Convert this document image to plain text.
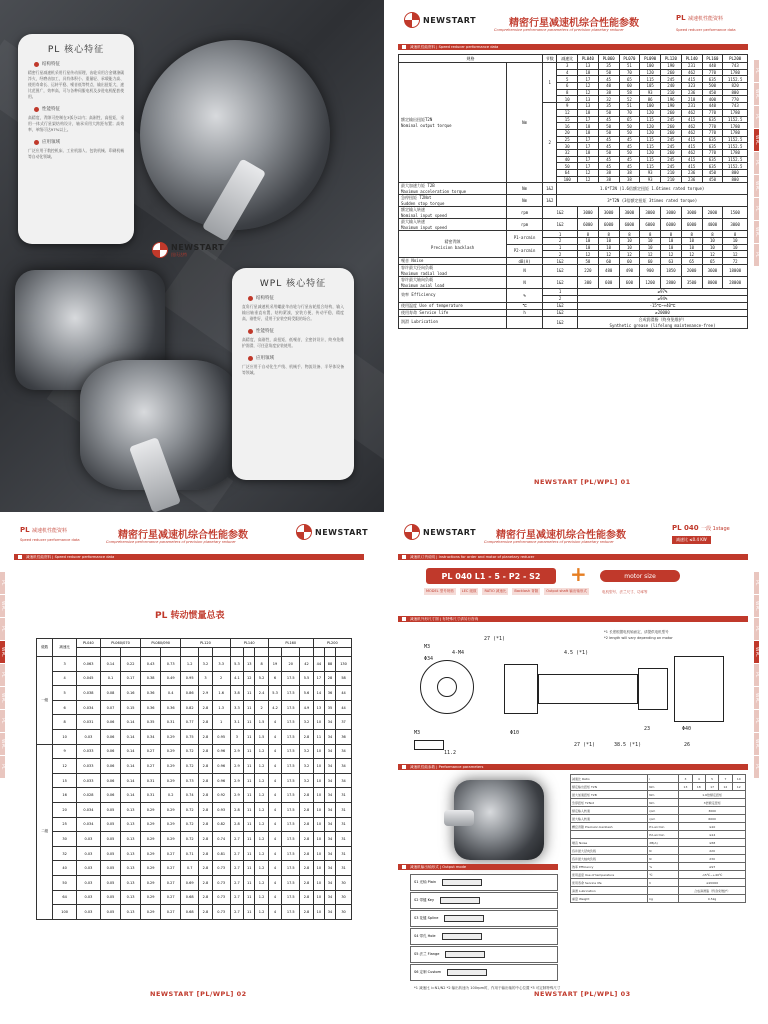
PL 核心特征
结构特征
精密行星减速机采用行星传动原理，齿轮采用合金钢渗碳淬火，经磨齿加工，具有体积小、重量轻、承载能力高、使用寿命长、运转平稳、噪音低等特点，输出扭矩大，速比范围广，效率高，可与各种伺服电机及步进电机配套使用。
性能特征
高精度，背隙可控制在3弧分以内；高刚性，高扭矩，采用一体式行星架结构设计，轴承采用大跨距布置；高效率，单级可达97%以上。
应用领域
广泛应用于数控机床、工业机器人、包装机械、印刷机械等自动化领域。
NEWSTART
纽氏达特
WPL 核心特征
结构特征
直角行星减速机采用螺旋伞齿轮与行星齿轮组合结构，输入输出轴垂直布置，结构紧凑，安装方便，传动平稳，精度高，刚性好，适用于安装空间受限的场合。
性能特征
高精度，高刚性，高扭矩，低噪音，全密封设计，终身免维护润滑，可任意角度安装使用。
应用领域
广泛应用于自动化生产线、机械手、物流设备、半导体设备等领域。
NEWSTART	精密行星减速机综合性能参数
Comprehensive performance parameters of precision planetary reducer
PL 减速机性能资料
Speed reducer performance data
减速机性能资料 | Speed reducer performance data
规格		节数	减速比	PL040	PL060	PL070	PL090	PL120	PL140	PL160	PL200

额定输出扭矩T2N
Nominal output torque	Nm	1	3	13	35	51	100	190	231	440	743
			4	18	50	70	120	260	462	770	1780
			5	17	45	65	115	245	415	635	1152.5
			6	12	40	60	105	240	323	500	820
			8	12	38	58	93	210	236	450	800
			10	13	32	52	86	196	210	400	770
		2	9	13	35	51	100	190	231	440	743
			12	18	50	70	120	260	462	770	1780
			15	17	45	65	115	245	415	635	1152.5
			16	18	50	50	120	260	462	770	1780
			20	18	50	50	120	260	462	770	1780
			25	17	45	45	115	245	415	635	1152.5
			30	17	45	45	115	245	415	635	1152.5
			32	18	50	50	120	260	462	770	1780
			40	17	45	45	115	245	415	635	1152.5
			50	17	45	45	115	245	415	635	1152.5
			64	12	38	38	93	210	236	450	800
			100	12	38	38	93	210	236	450	800

最大加速力矩 T2B
Maximum acceleration torque	Nm	1&2	1.6*T2N (1.6倍额定扭矩 1.6times rated torque)								

急停扭矩 T2Not
Sudden stop torque	Nm	1&2	3*T2N (3倍额定扭矩 3times rated torque)								

额定输入转速
Nominal input speed	rpm	1&2		3000	3000	3000	3000	3000	3000	2000	1500

最大输入转速
Maximum input speed	rpm	1&2		6000	6000	6000	6000	6000	6000	4000	3000

精密背隙
Precision backlash	P1-arcmin	1		8	8	8	8	8	8	8	8
		2		10	10	10	10	10	10	10	10
	P2-arcmin	1		10	10	10	10	10	10	10	10
		2		12	12	12	12	12	12	12	12

噪音 Noise	dB(A)	1&2		58	60	60	60	63	65	65	72

容许最大径向负载
Maximum radial load	N	1&2		220	480	490	900	1850	2000	3600	18000

容许最大轴向负载
Maximum axial load	N	1&2		300	600	600	1200	2800	3500	8000	28000
效率 Efficiency	%	1		≥97%							
		2		≥94%							
使用温度 Use of temperature	℃	1&2		-15℃~+40℃							
使用寿命 Service life	h	1&2		≥20000							
润滑 Lubrication		1&2		合成润滑脂（终身免维护）
Synthetic grease (lifelong maintenance-free)							
PL
WPL
PL
WPL
PL
WPL
PL
WPL
PL
NEWSTART [PL/WPL] 01
PL 减速机性能资料
Speed reducer performance data	精密行星减速机综合性能参数
Comprehensive performance parameters of precision planetary reducer
NEWSTART
减速机性能资料 | Speed reducer performance data
PL 转动惯量总表
级数	减速比	PL040	PL060/070		PL080/090		PL120			PL140			PL160			PL200		

一级	3	0.063	0.14	0.22	0.43	0.73	1.2	3.2	3.3	5.3	13	8	19	20	42	44	88	130
	4	0.045	0.1	0.17	0.38	0.49	0.95	3	2	4.1	12	5.2	6	17.5	5.5	17	28	58
	5	0.038	0.08	0.16	0.36	0.4	0.86	2.9	1.6	3.8	11	2.4	5.3	17.5	5.6	14	36	44
	6	0.034	0.07	0.15	0.36	0.36	0.82	2.8	1.3	3.3	11	2	4.2	17.5	4.9	13	35	44
	8	0.031	0.06	0.14	0.35	0.31	0.77	2.8	1	3.1	11	1.5	4	17.5	3.2	10	34	37
	10	0.03	0.06	0.14	0.34	0.29	0.75	2.8	0.95	3	11	1.5	4	17.5	2.8	11	34	36
二级	9	0.033	0.06	0.14	0.27	0.29	0.72	2.8	0.96	2.9	11	1.2	4	17.5	3.2	10	34	34
	12	0.033	0.06	0.14	0.27	0.29	0.72	2.8	0.96	2.9	11	1.2	4	17.5	3.2	10	34	34
	15	0.033	0.06	0.14	0.31	0.29	0.73	2.8	0.96	2.9	11	1.2	4	17.5	3.2	10	34	34
	16	0.028	0.06	0.14	0.31	0.2	0.74	2.8	0.92	2.9	11	1.2	4	17.5	2.8	10	34	31
	20	0.034	0.05	0.13	0.29	0.29	0.72	2.8	0.93	2.8	11	1.2	4	17.5	2.8	10	34	31
	25	0.034	0.05	0.13	0.29	0.29	0.72	2.8	0.82	2.8	11	1.2	4	17.5	2.8	10	34	31
	30	0.03	0.05	0.13	0.29	0.29	0.72	2.8	0.74	2.7	11	1.2	4	17.5	2.8	10	34	31
	32	0.03	0.05	0.13	0.29	0.27	0.71	2.8	0.81	2.7	11	1.2	4	17.5	2.8	10	34	31
	40	0.03	0.05	0.13	0.29	0.27	0.7	2.8	0.73	2.7	11	1.2	4	17.5	2.8	10	34	31
	50	0.03	0.05	0.13	0.29	0.27	0.69	2.8	0.73	2.7	11	1.2	4	17.5	2.8	10	34	30
	64	0.03	0.05	0.13	0.29	0.27	0.68	2.8	0.73	2.7	11	1.2	4	17.5	2.8	10	34	30
	100	0.03	0.05	0.13	0.29	0.27	0.68	2.8	0.73	2.7	11	1.2	4	17.5	2.8	10	34	30
PL
WPL
PL
WPL
PL
WPL
PL
WPL
PL
NEWSTART [PL/WPL] 02
NEWSTART 精密行星减速机综合性能参数
Comprehensive performance parameters of precision planetary reducer
PL 040 一段 1stage
减速比 ≤0.4 KW
减速机订货说明 | Instructions for order and motor of planetary reducer
PL 040 L1 - 5 - P2 - S2	+	motor size
MODEL 型号规格	LEC 级数	RATIO 减速比	Backlash 背隙	Output shaft 输出轴形式	电机型号、法兰尺寸、功率等
减速机外形尺寸图 | 有特殊尺寸请另行咨询
27 (*1)
4.5 (*1)
M3
4-M4
Φ34
Φ40
M3
11.2
23
27 (*1)	38.5 (*1)	26
Φ10
*1 长度根据电机轴而定，请提供电机型号
*2 length will vary depending on motor
减速机性能参数 | Performance parameters
减速比 Ratio	i	3	4	5	7	10
额定输出扭矩 T2N	Nm	13	18	17	12	12
最大加速扭矩 T2B	Nm	1.6倍额定扭矩				
急停扭矩 T2Not	Nm	3倍额定扭矩				
额定输入转速	rpm	3000				
最大输入转速	rpm	6000				
精密背隙 Precision backlash	P1-arcmin	≤10				
	P2-arcmin	≤14				
噪音 Noise	dB(A)	≤58				
容许最大径向负载	N	220				
容许最大轴向负载	N	230				
效率 Efficiency	%	≥97				
使用温度 Use of temperature	℃	-15℃~+40℃				
使用寿命 Service life	h	≥20000				
润滑 Lubrication		合成润滑脂（终身免维护）				
重量 Weight	kg	0.5kg				
减速机输出轴形式 | Output mode
S1 光轴 Plain
S2 带键 Key
S3 花键 Spline
S4 带孔 Hole
S5 法兰 Flange
S6 定制 Custom
*1 减速比 i=N1/N2 *2 输出转速为 100rpm时，作用于输出轴的中心位置 *3 可定制特殊尺寸
PL
WPL
PL
WPL
PL
WPL
PL
WPL
PL
NEWSTART [PL/WPL] 03
